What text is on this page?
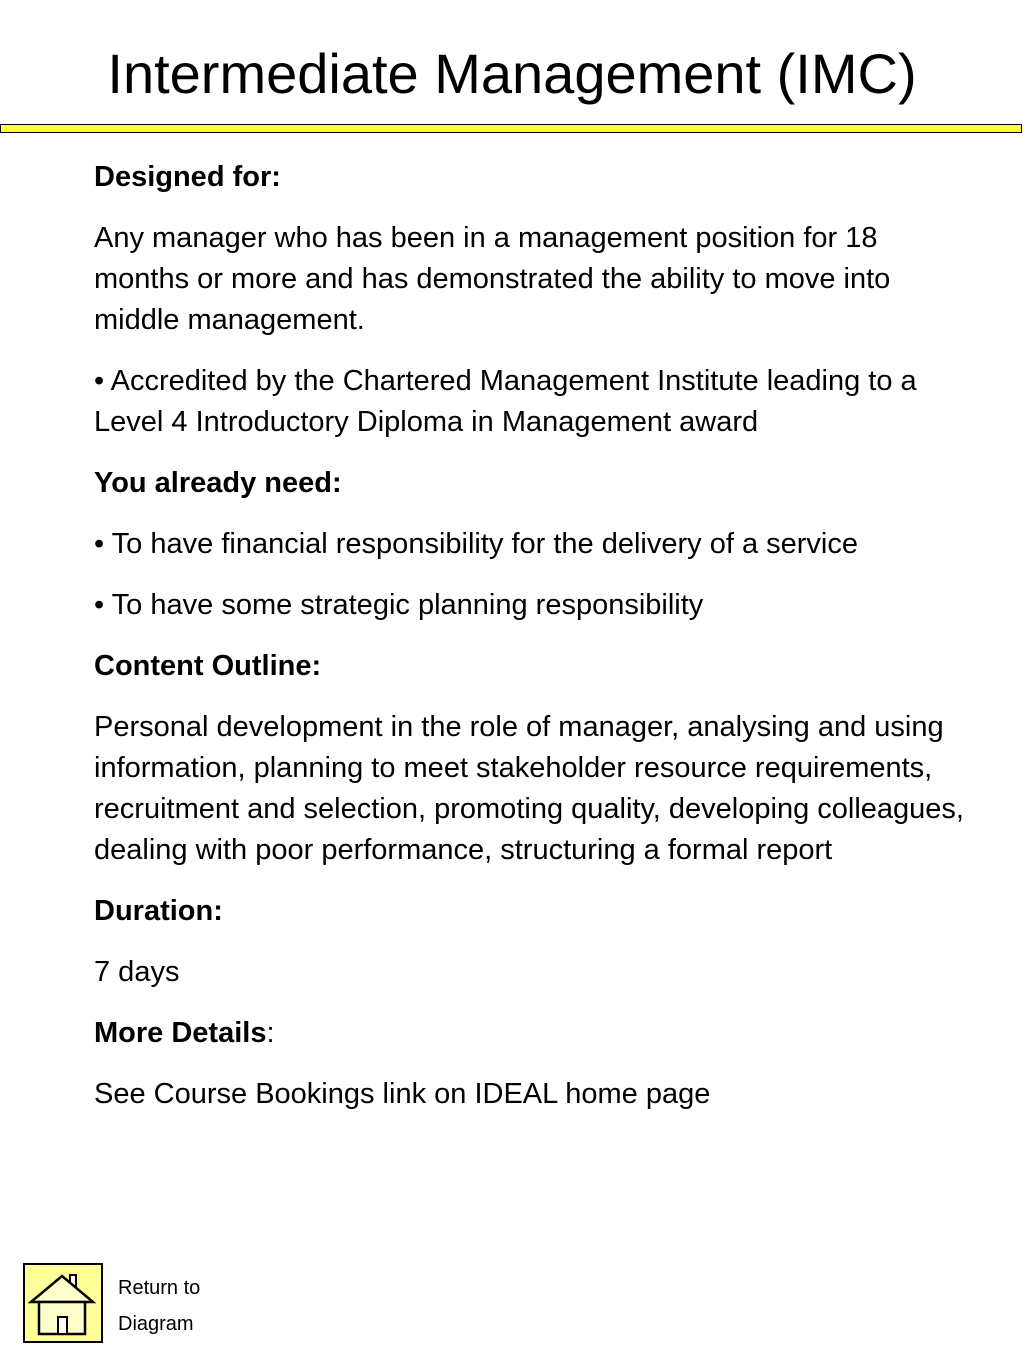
Intermediate Management (IMC)

Designed for:

Any manager who has been in a management position for 18 months or more and has demonstrated the ability to move into middle management.

• Accredited by the Chartered Management Institute leading to a Level 4 Introductory Diploma in Management award

You already need:

• To have financial responsibility for the delivery of a service

• To have some strategic planning responsibility

Content Outline:

Personal development in the role of manager, analysing and using information, planning to meet stakeholder resource requirements, recruitment and selection, promoting quality, developing colleagues, dealing with poor performance, structuring a formal report

Duration:

7 days

More Details:

See Course Bookings link on IDEAL home page

Return to
Diagram
